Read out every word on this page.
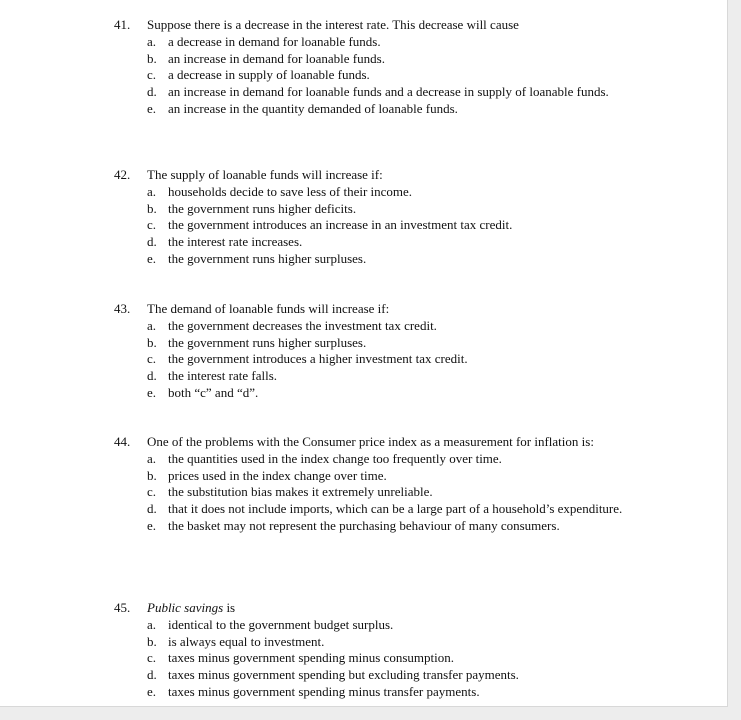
41.	Suppose there is a decrease in the interest rate. This decrease will cause
a. a decrease in demand for loanable funds.
b. an increase in demand for loanable funds.
c. a decrease in supply of loanable funds.
d. an increase in demand for loanable funds and a decrease in supply of loanable funds.
e. an increase in the quantity demanded of loanable funds.
42.	The supply of loanable funds will increase if:
a. households decide to save less of their income.
b. the government runs higher deficits.
c. the government introduces an increase in an investment tax credit.
d. the interest rate increases.
e. the government runs higher surpluses.
43.	The demand of loanable funds will increase if:
a. the government decreases the investment tax credit.
b. the government runs higher surpluses.
c. the government introduces a higher investment tax credit.
d. the interest rate falls.
e. both “c” and “d”.
44.	One of the problems with the Consumer price index as a measurement for inflation is:
a. the quantities used in the index change too frequently over time.
b. prices used in the index change over time.
c. the substitution bias makes it extremely unreliable.
d. that it does not include imports, which can be a large part of a household’s expenditure.
e. the basket may not represent the purchasing behaviour of many consumers.
45.	Public savings is
a. identical to the government budget surplus.
b. is always equal to investment.
c. taxes minus government spending minus consumption.
d. taxes minus government spending but excluding transfer payments.
e. taxes minus government spending minus transfer payments.
